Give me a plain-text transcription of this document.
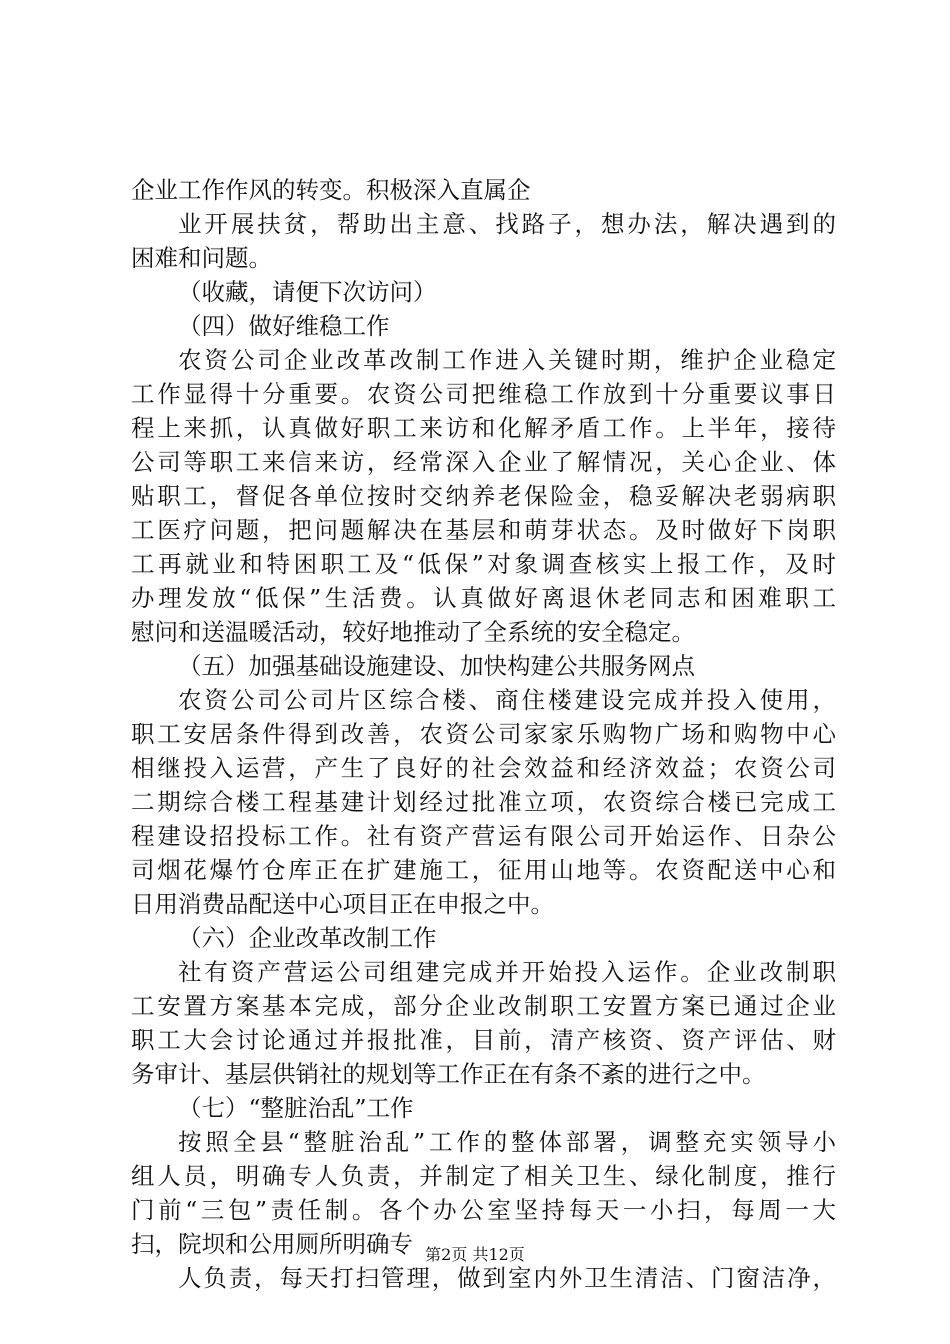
企业工作作风的转变。积极深入直属企
业开展扶贫，帮助出主意、找路子，想办法，解决遇到的
困难和问题。
（收藏，请便下次访问）
（四）做好维稳工作
农资公司企业改革改制工作进入关键时期，维护企业稳定
工作显得十分重要。农资公司把维稳工作放到十分重要议事日
程上来抓，认真做好职工来访和化解矛盾工作。上半年，接待
公司等职工来信来访，经常深入企业了解情况，关心企业、体
贴职工，督促各单位按时交纳养老保险金，稳妥解决老弱病职
工医疗问题，把问题解决在基层和萌芽状态。及时做好下岗职
工再就业和特困职工及“低保”对象调查核实上报工作，及时
办理发放“低保”生活费。认真做好离退休老同志和困难职工
慰问和送温暖活动，较好地推动了全系统的安全稳定。
（五）加强基础设施建设、加快构建公共服务网点
农资公司公司片区综合楼、商住楼建设完成并投入使用，
职工安居条件得到改善，农资公司家家乐购物广场和购物中心
相继投入运营，产生了良好的社会效益和经济效益；农资公司
二期综合楼工程基建计划经过批准立项，农资综合楼已完成工
程建设招投标工作。社有资产营运有限公司开始运作、日杂公
司烟花爆竹仓库正在扩建施工，征用山地等。农资配送中心和
日用消费品配送中心项目正在申报之中。
（六）企业改革改制工作
社有资产营运公司组建完成并开始投入运作。企业改制职
工安置方案基本完成，部分企业改制职工安置方案已通过企业
职工大会讨论通过并报批准，目前，清产核资、资产评估、财
务审计、基层供销社的规划等工作正在有条不紊的进行之中。
（七）“整脏治乱”工作
按照全县“整脏治乱”工作的整体部署，调整充实领导小
组人员，明确专人负责，并制定了相关卫生、绿化制度，推行
门前“三包”责任制。各个办公室坚持每天一小扫，每周一大
扫，院坝和公用厕所明确专
人负责，每天打扫管理，做到室内外卫生清洁、门窗洁净，
第2页 共12页
